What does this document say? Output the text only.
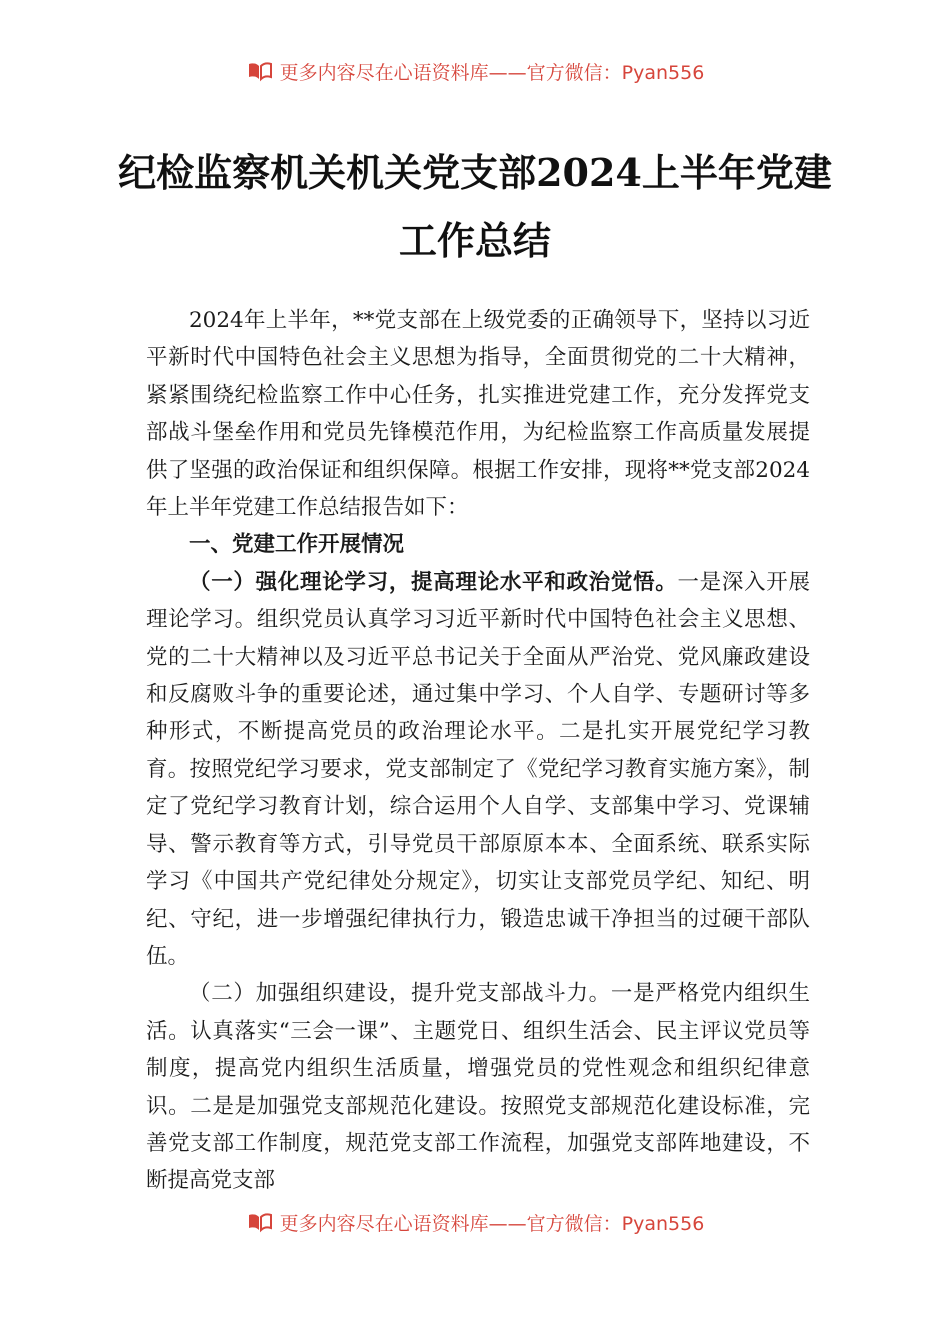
更多内容尽在心语资料库——官方微信：Pyan556
纪检监察机关机关党支部2024上半年党建
工作总结

2024年上半年，**党支部在上级党委的正确领导下，坚持以习近平新时代中国特色社会主义思想为指导，全面贯彻党的二十大精神，紧紧围绕纪检监察工作中心任务，扎实推进党建工作，充分发挥党支部战斗堡垒作用和党员先锋模范作用，为纪检监察工作高质量发展提供了坚强的政治保证和组织保障。根据工作安排，现将**党支部2024年上半年党建工作总结报告如下：

一、党建工作开展情况

（一）强化理论学习，提高理论水平和政治觉悟。一是深入开展理论学习。组织党员认真学习习近平新时代中国特色社会主义思想、党的二十大精神以及习近平总书记关于全面从严治党、党风廉政建设和反腐败斗争的重要论述，通过集中学习、个人自学、专题研讨等多种形式，不断提高党员的政治理论水平。二是扎实开展党纪学习教育。按照党纪学习要求，党支部制定了《党纪学习教育实施方案》，制定了党纪学习教育计划，综合运用个人自学、支部集中学习、党课辅导、警示教育等方式，引导党员干部原原本本、全面系统、联系实际学习《中国共产党纪律处分规定》，切实让支部党员学纪、知纪、明纪、守纪，进一步增强纪律执行力，锻造忠诚干净担当的过硬干部队伍。

（二）加强组织建设，提升党支部战斗力。一是严格党内组织生活。认真落实“三会一课”、主题党日、组织生活会、民主评议党员等制度，提高党内组织生活质量，增强党员的党性观念和组织纪律意识。二是是加强党支部规范化建设。按照党支部规范化建设标准，完善党支部工作制度，规范党支部工作流程，加强党支部阵地建设，不断提高党支部

更多内容尽在心语资料库——官方微信：Pyan556
